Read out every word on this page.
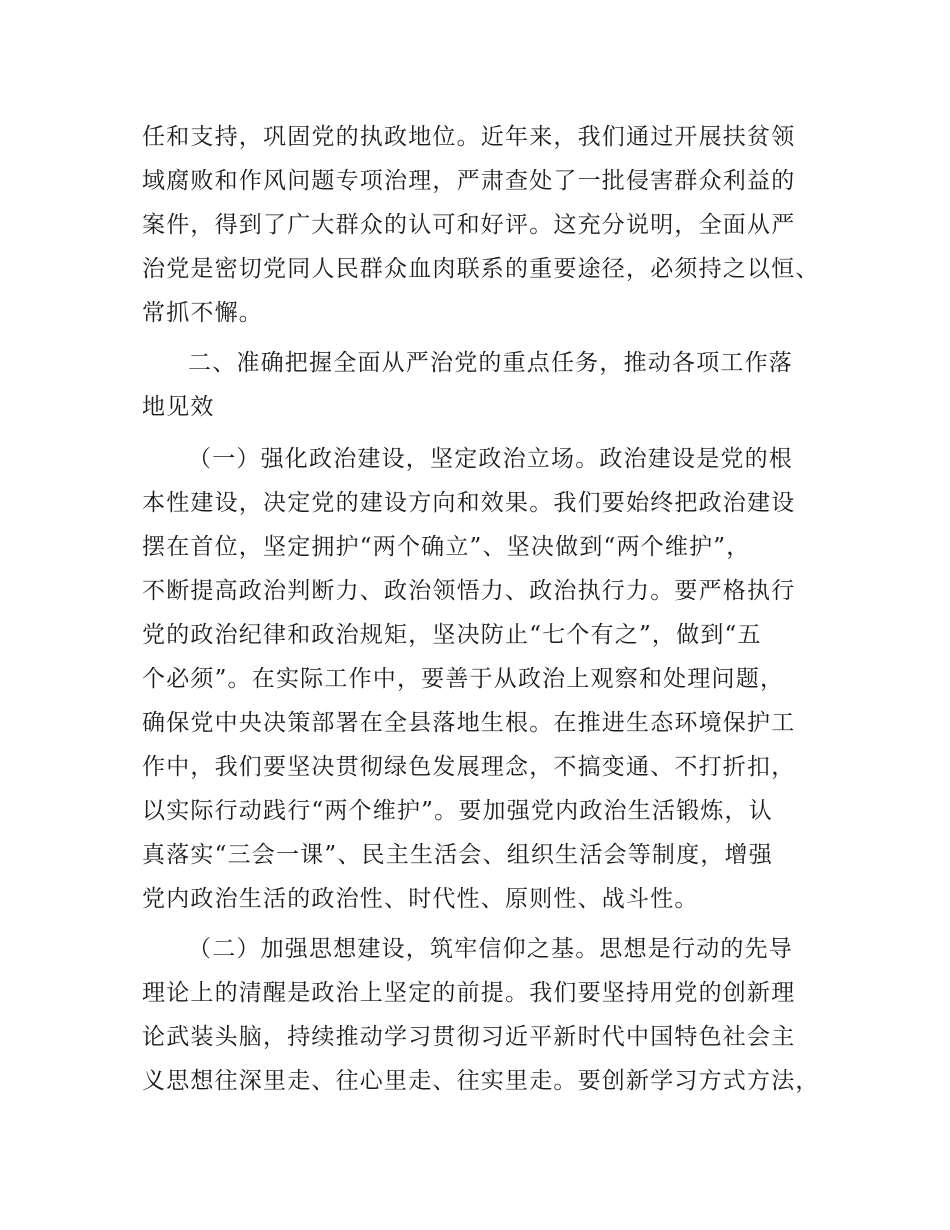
任和支持，巩固党的执政地位。近年来，我们通过开展扶贫领
域腐败和作风问题专项治理，严肃查处了一批侵害群众利益的
案件，得到了广大群众的认可和好评。这充分说明，全面从严
治党是密切党同人民群众血肉联系的重要途径，必须持之以恒、
常抓不懈。
二、准确把握全面从严治党的重点任务，推动各项工作落
地见效
（一）强化政治建设，坚定政治立场。政治建设是党的根
本性建设，决定党的建设方向和效果。我们要始终把政治建设
摆在首位，坚定拥护“两个确立”、坚决做到“两个维护”，
不断提高政治判断力、政治领悟力、政治执行力。要严格执行
党的政治纪律和政治规矩，坚决防止“七个有之”，做到“五
个必须”。在实际工作中，要善于从政治上观察和处理问题，
确保党中央决策部署在全县落地生根。在推进生态环境保护工
作中，我们要坚决贯彻绿色发展理念，不搞变通、不打折扣，
以实际行动践行“两个维护”。要加强党内政治生活锻炼，认
真落实“三会一课”、民主生活会、组织生活会等制度，增强
党内政治生活的政治性、时代性、原则性、战斗性。
（二）加强思想建设，筑牢信仰之基。思想是行动的先导
理论上的清醒是政治上坚定的前提。我们要坚持用党的创新理
论武装头脑，持续推动学习贯彻习近平新时代中国特色社会主
义思想往深里走、往心里走、往实里走。要创新学习方式方法，
